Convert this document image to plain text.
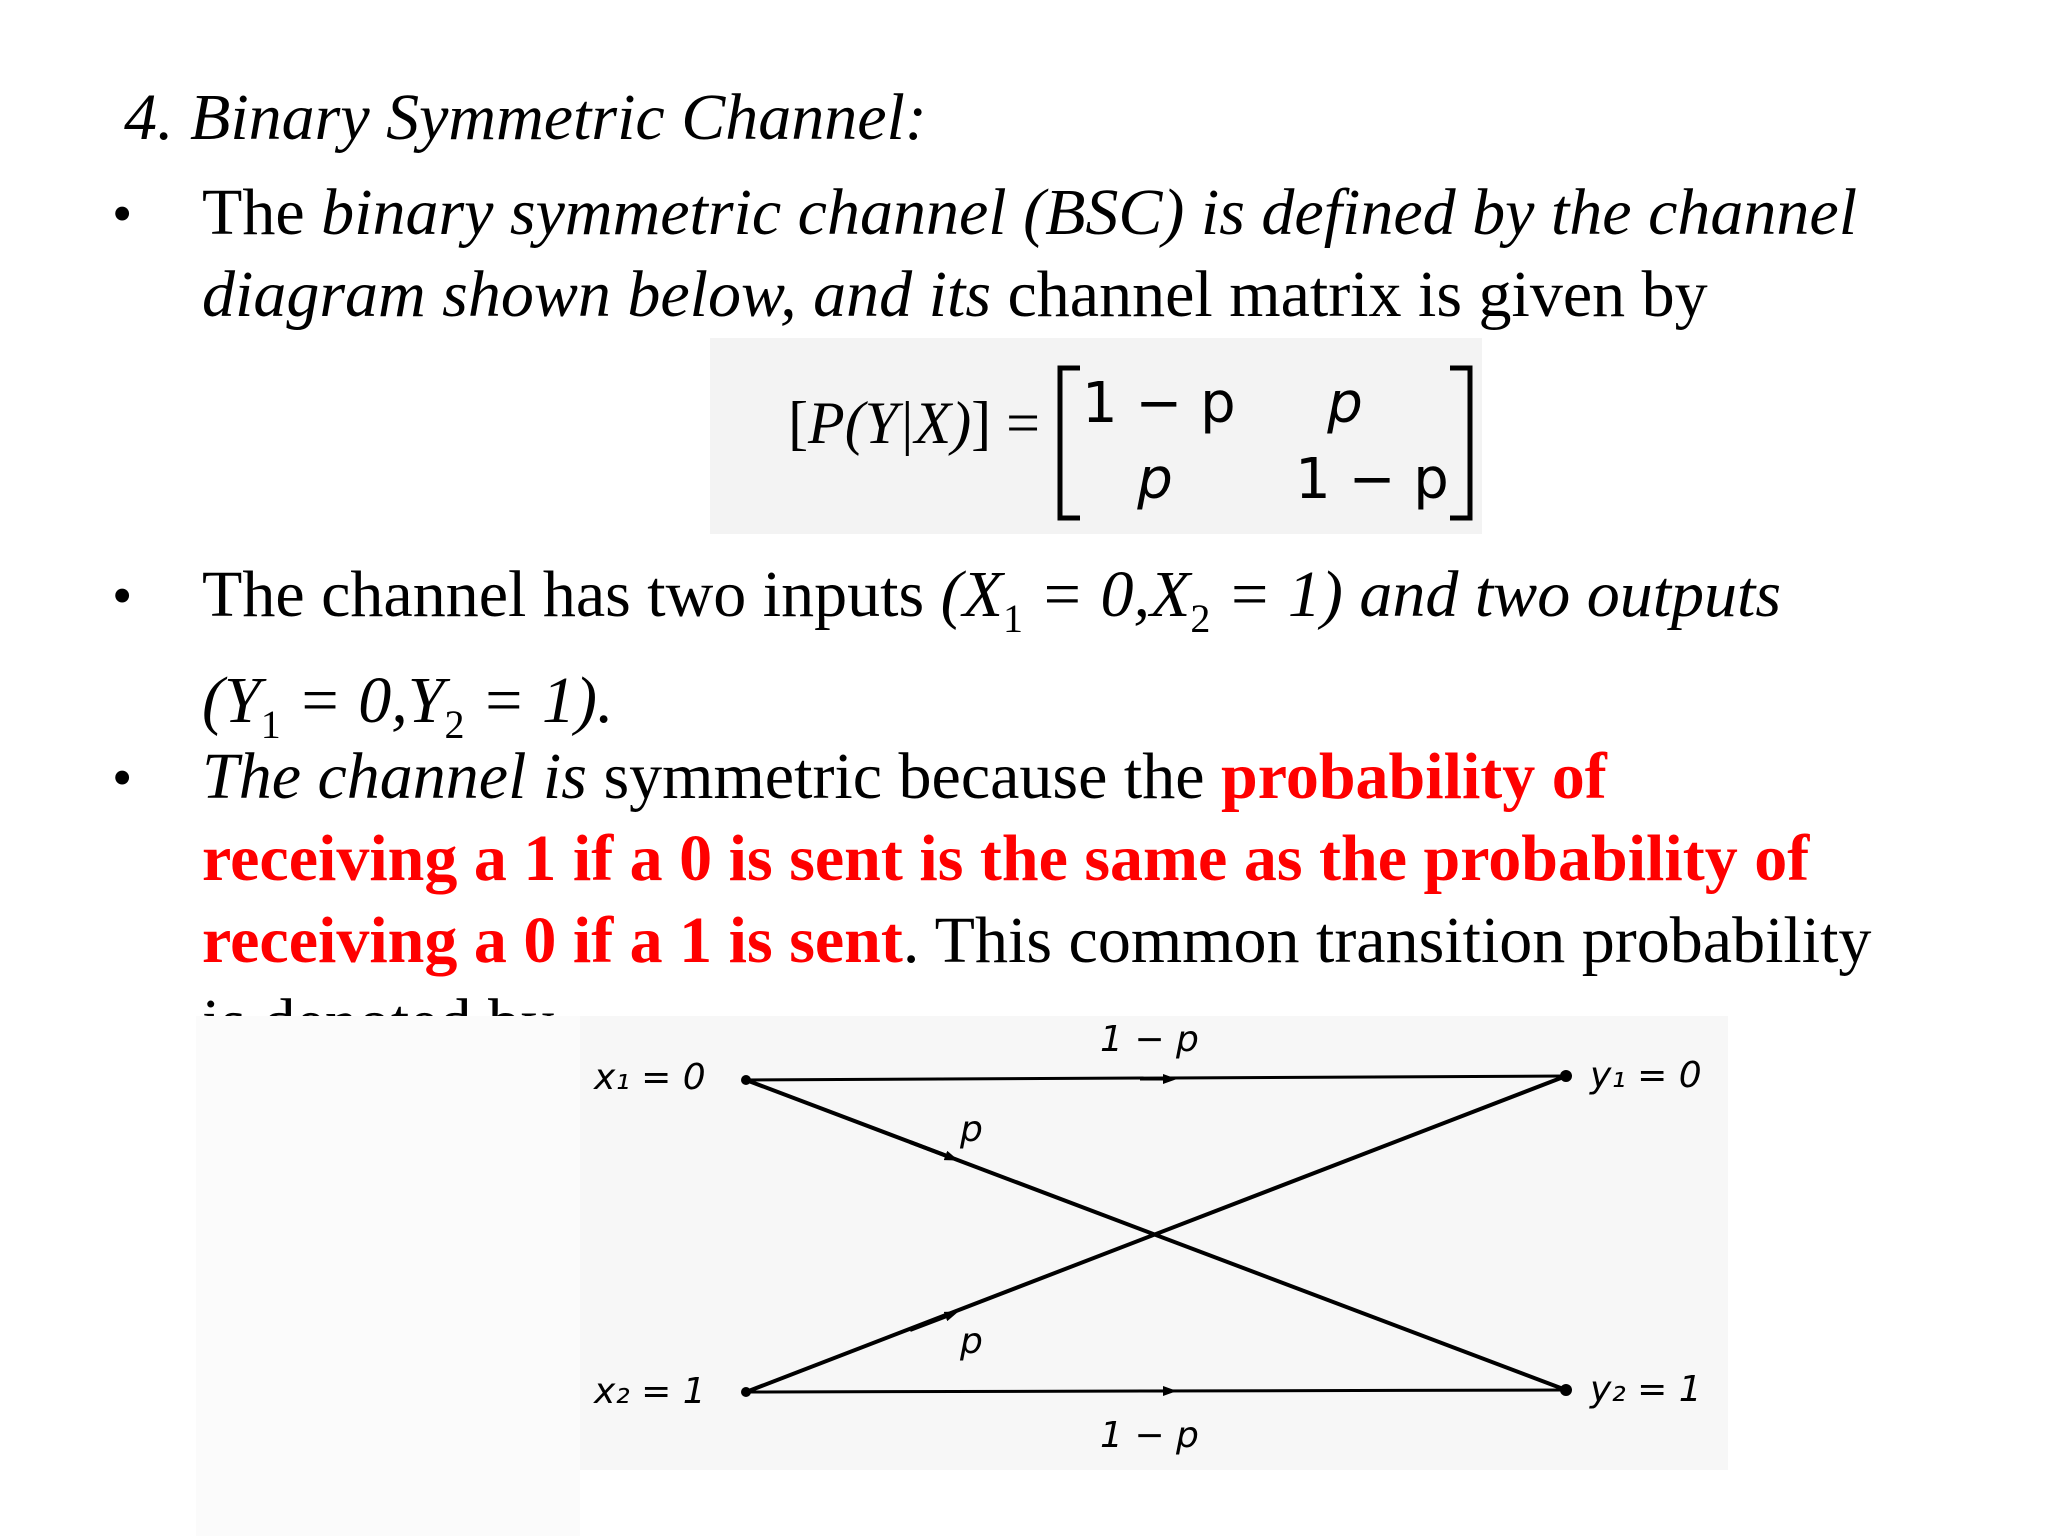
4. Binary Symmetric Channel:
• The binary symmetric channel (BSC) is defined by the channel
diagram shown below, and its channel matrix is given by
[P(Y|X)] = 1 − p	p
p	1 − p
• The channel has two inputs $(X_1 = 0,X_2 = 1)$ and two outputs
$(Y_1 = 0,Y_2 = 1)$.
• The channel is symmetric because the probability of
receiving a 1 if a 0 is sent is the same as the probability of
receiving a 0 if a 1 is sent. This common transition probability
x₁ = 0
x₂ = 1
y₁ = 0
y₂ = 1
1 − p
1 − p
p
p
